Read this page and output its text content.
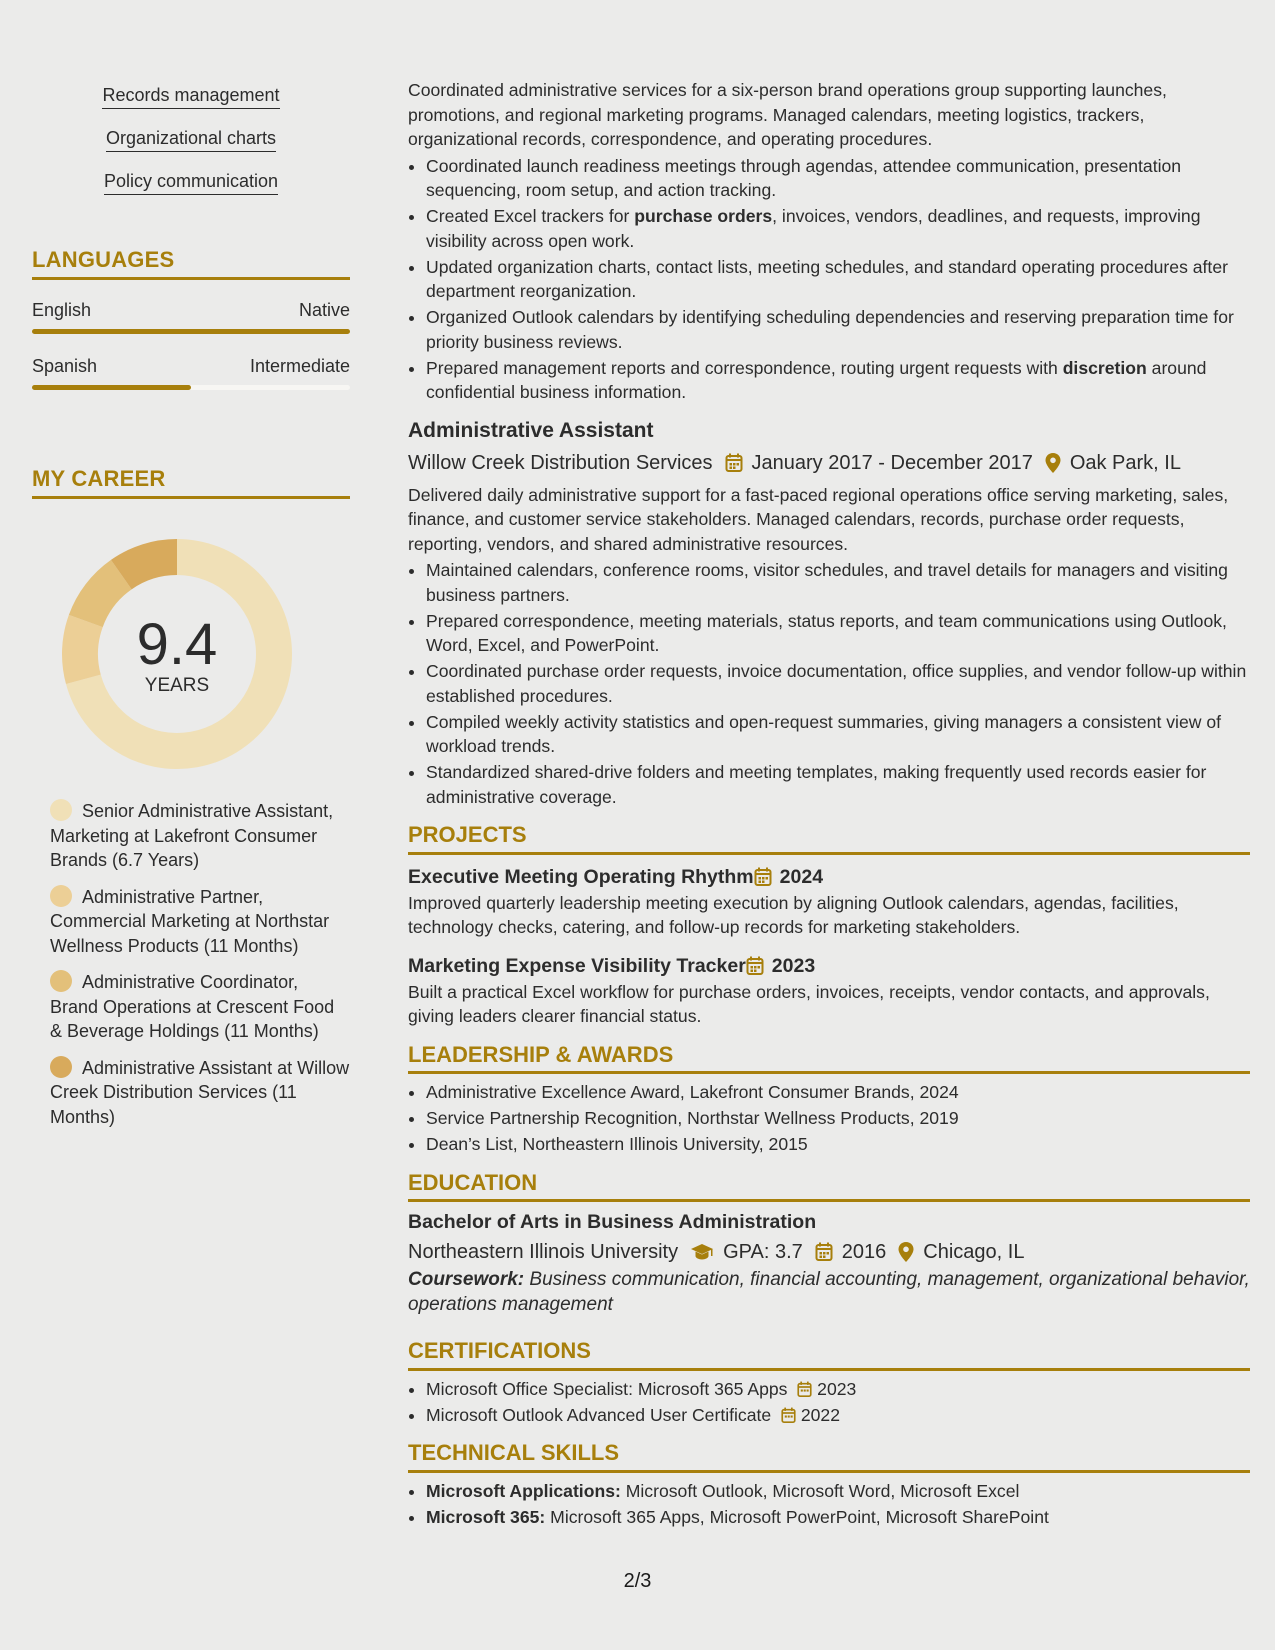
Records management
Organizational charts
Policy communication
LANGUAGES
English	Native
Spanish	Intermediate
MY CAREER
9.4
YEARS
Senior Administrative Assistant, Marketing at Lakefront Consumer Brands (6.7 Years)
Administrative Partner, Commercial Marketing at Northstar Wellness Products (11 Months)
Administrative Coordinator, Brand Operations at Crescent Food & Beverage Holdings (11 Months)
Administrative Assistant at Willow Creek Distribution Services (11 Months)

Coordinated administrative services for a six-person brand operations group supporting launches, promotions, and regional marketing programs. Managed calendars, meeting logistics, trackers, organizational records, correspondence, and operating procedures.

• Coordinated launch readiness meetings through agendas, attendee communication, presentation sequencing, room setup, and action tracking.
• Created Excel trackers for purchase orders, invoices, vendors, deadlines, and requests, improving visibility across open work.
• Updated organization charts, contact lists, meeting schedules, and standard operating procedures after department reorganization.
• Organized Outlook calendars by identifying scheduling dependencies and reserving preparation time for priority business reviews.
• Prepared management reports and correspondence, routing urgent requests with discretion around confidential business information.
Administrative Assistant
Willow Creek Distribution Services January 2017 - December 2017 Oak Park, IL

Delivered daily administrative support for a fast-paced regional operations office serving marketing, sales, finance, and customer service stakeholders. Managed calendars, records, purchase order requests, reporting, vendors, and shared administrative resources.

• Maintained calendars, conference rooms, visitor schedules, and travel details for managers and visiting business partners.
• Prepared correspondence, meeting materials, status reports, and team communications using Outlook, Word, Excel, and PowerPoint.
• Coordinated purchase order requests, invoice documentation, office supplies, and vendor follow-up within established procedures.
• Compiled weekly activity statistics and open-request summaries, giving managers a consistent view of workload trends.
• Standardized shared-drive folders and meeting templates, making frequently used records easier for administrative coverage.
PROJECTS
Executive Meeting Operating Rhythm 2024

Improved quarterly leadership meeting execution by aligning Outlook calendars, agendas, facilities, technology checks, catering, and follow-up records for marketing stakeholders.

Marketing Expense Visibility Tracker 2023

Built a practical Excel workflow for purchase orders, invoices, receipts, vendor contacts, and approvals, giving leaders clearer financial status.

LEADERSHIP & AWARDS
• Administrative Excellence Award, Lakefront Consumer Brands, 2024
• Service Partnership Recognition, Northstar Wellness Products, 2019
• Dean’s List, Northeastern Illinois University, 2015
EDUCATION
Bachelor of Arts in Business Administration
Northeastern Illinois University GPA: 3.7 2016 Chicago, IL

Coursework: Business communication, financial accounting, management, organizational behavior, operations management

CERTIFICATIONS
• Microsoft Office Specialist: Microsoft 365 Apps 2023
• Microsoft Outlook Advanced User Certificate 2022
TECHNICAL SKILLS
• Microsoft Applications: Microsoft Outlook, Microsoft Word, Microsoft Excel
• Microsoft 365: Microsoft 365 Apps, Microsoft PowerPoint, Microsoft SharePoint
2/3
